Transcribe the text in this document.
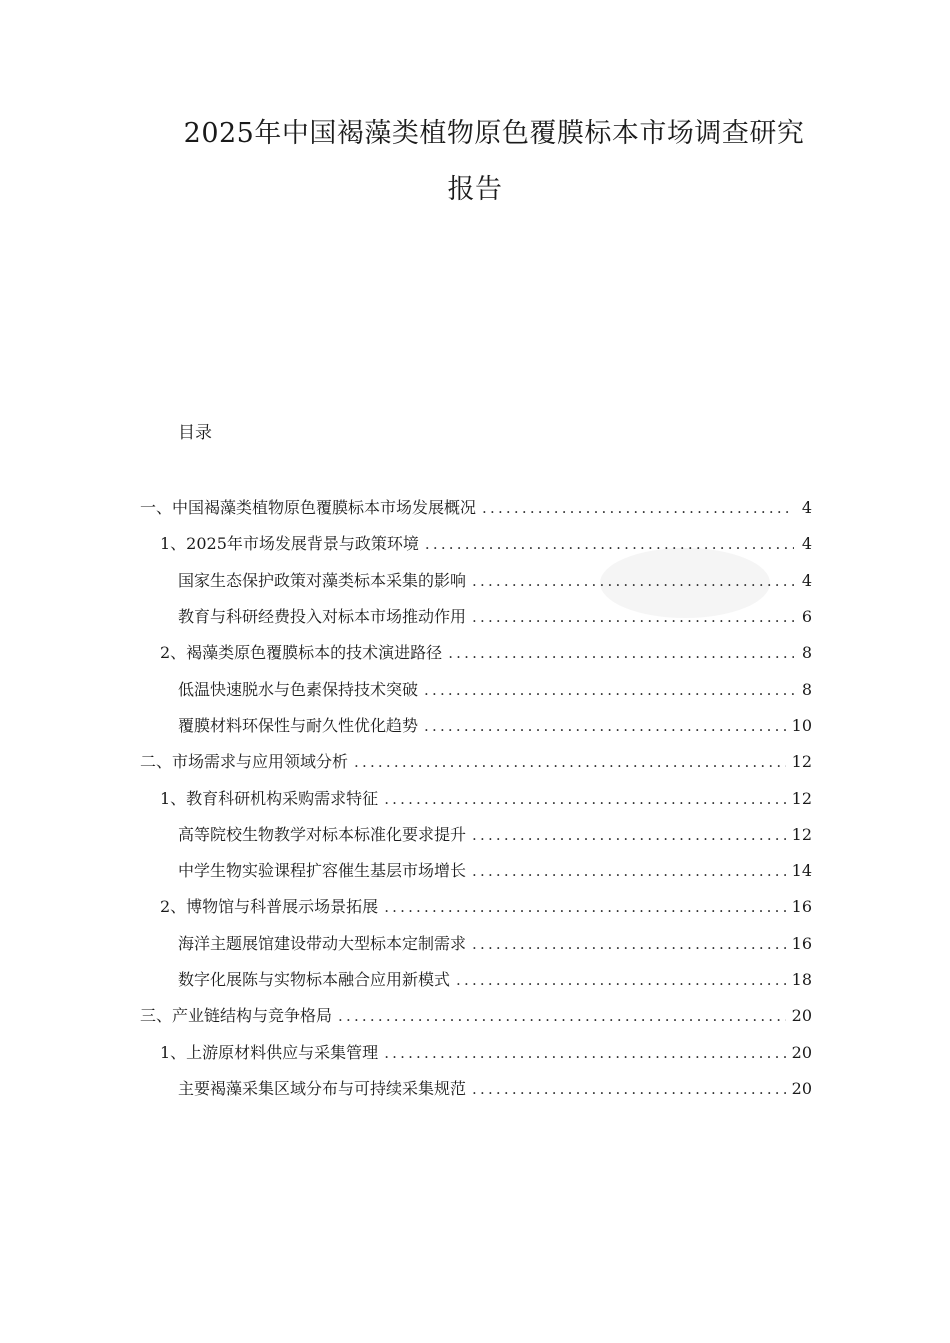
2025年中国褐藻类植物原色覆膜标本市场调查研究
报告
目录
一、中国褐藻类植物原色覆膜标本市场发展概况 .....	4
1、2025年市场发展背景与政策环境 .....	4
国家生态保护政策对藻类标本采集的影响 .....	4
教育与科研经费投入对标本市场推动作用 .....	6
2、褐藻类原色覆膜标本的技术演进路径 .....	8
低温快速脱水与色素保持技术突破 .....	8
覆膜材料环保性与耐久性优化趋势 .....	10
二、市场需求与应用领域分析 .....	12
1、教育科研机构采购需求特征 .....	12
高等院校生物教学对标本标准化要求提升 .....	12
中学生物实验课程扩容催生基层市场增长 .....	14
2、博物馆与科普展示场景拓展 .....	16
海洋主题展馆建设带动大型标本定制需求 .....	16
数字化展陈与实物标本融合应用新模式 .....	18
三、产业链结构与竞争格局 .....	20
1、上游原材料供应与采集管理 .....	20
主要褐藻采集区域分布与可持续采集规范 .....	20
